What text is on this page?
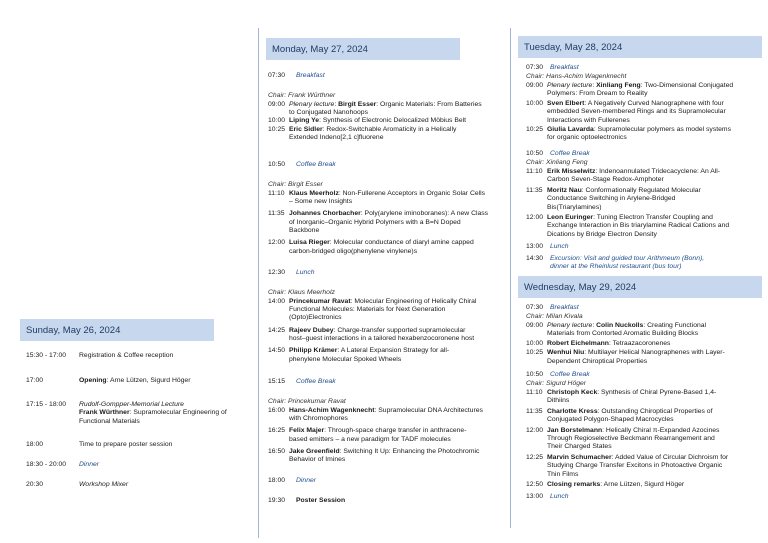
Sunday, May 26, 2024
15:30 - 17:00 Registration & Coffee reception
17:00	Opening: Arne Lützen, Sigurd Höger
17:15 - 18:00 Rudolf-Gompper-Memorial Lecture
Frank Würthner: Supramolecular Engineering of
Functional Materials
18:00	Time to prepare poster session
18:30 - 20:00 Dinner
20:30	Workshop Mixer
Monday, May 27, 2024
07:30 Breakfast
Chair: Frank Würthner
09:00 Plenary lecture: Birgit Esser: Organic Materials: From Batteries
to Conjugated Nanohoops
10:00 Liping Ye: Synthesis of Electronic Delocalized Möbius Belt
10:25 Eric Sidler: Redox-Switchable Aromaticity in a Helically
Extended Indeno[2,1 c]fluorene
10:50 Coffee Break
Chair: Birgit Esser
11:10 Klaus Meerholz: Non-Fullerene Acceptors in Organic Solar Cells
– Some new Insights
11:35 Johannes Chorbacher: Poly(arylene iminoboranes): A new Class
of Inorganic–Organic Hybrid Polymers with a B=N Doped
Backbone
12:00 Luisa Rieger: Molecular conductance of diaryl amine capped
carbon-bridged oligo(phenylene vinylene)s
12:30 Lunch
Chair: Klaus Meerholz
14:00 Princekumar Ravat: Molecular Engineering of Helically Chiral
Functional Molecules: Materials for Next Generation
(Opto)Electronics
14:25 Rajeev Dubey: Charge-transfer supported supramolecular
host–guest interactions in a tailored hexabenzocoronene host
14:50 Philipp Krämer: A Lateral Expansion Strategy for all-
phenylene Molecular Spoked Wheels
15:15 Coffee Break
Chair: Princekumar Ravat
16:00 Hans-Achim Wagenknecht: Supramolecular DNA Architectures
with Chromophores
16:25 Felix Majer: Through-space charge transfer in anthracene-
based emitters – a new paradigm for TADF molecules
16:50 Jake Greenfield: Switching It Up: Enhancing the Photochromic
Behavior of Imines
18:00 Dinner
19:30 Poster Session
Tuesday, May 28, 2024
07:30 Breakfast
Chair: Hans-Achim Wagenknecht
09:00 Plenary lecture: Xinliang Feng: Two-Dimensional Conjugated
Polymers: From Dream to Reality
10:00 Sven Elbert: A Negatively Curved Nanographene with four
embedded Seven-membered Rings and its Supramolecular
Interactions with Fullerenes
10:25 Giulia Lavarda: Supramolecular polymers as model systems
for organic optoelectronics
10:50 Coffee Break
Chair: Xinliang Feng
11:10 Erik Misselwitz: Indenoannulated Tridecacyclene: An All-
Carbon Seven-Stage Redox-Amphoter
11:35 Moritz Nau: Conformationally Regulated Molecular
Conductance Switching in Arylene-Bridged
Bis(Triarylamines)
12:00 Leon Euringer: Tuning Electron Transfer Coupling and
Exchange Interaction in Bis triarylamine Radical Cations and
Dications by Bridge Electron Density
13:00 Lunch
14:30 Excursion: Visit and guided tour Arithmeum (Bonn),
dinner at the Rheinlust restaurant (bus tour)
Wednesday, May 29, 2024
07:30 Breakfast
Chair: Milan Kivala
09:00 Plenary lecture: Colin Nuckolls: Creating Functional
Materials from Contorted Aromatic Building Blocks
10:00 Robert Eichelmann: Tetraazacoronenes
10:25 Wenhui Niu: Multilayer Helical Nanographenes with Layer-
Dependent Chiroptical Properties
10:50 Coffee Break
Chair: Sigurd Höger
11:10 Christoph Keck: Synthesis of Chiral Pyrene-Based 1,4-
Dithiins
11:35 Charlotte Kress: Outstanding Chiroptical Properties of
Conjugated Polygon-Shaped Macrocycles
12:00 Jan Borstelmann: Helically Chiral π-Expanded Azocines
Through Regioselective Beckmann Rearrangement and
Their Charged States
12:25 Marvin Schumacher: Added Value of Circular Dichroism for
Studying Charge Transfer Excitons in Photoactive Organic
Thin Films
12:50 Closing remarks: Arne Lützen, Sigurd Höger
13:00 Lunch
